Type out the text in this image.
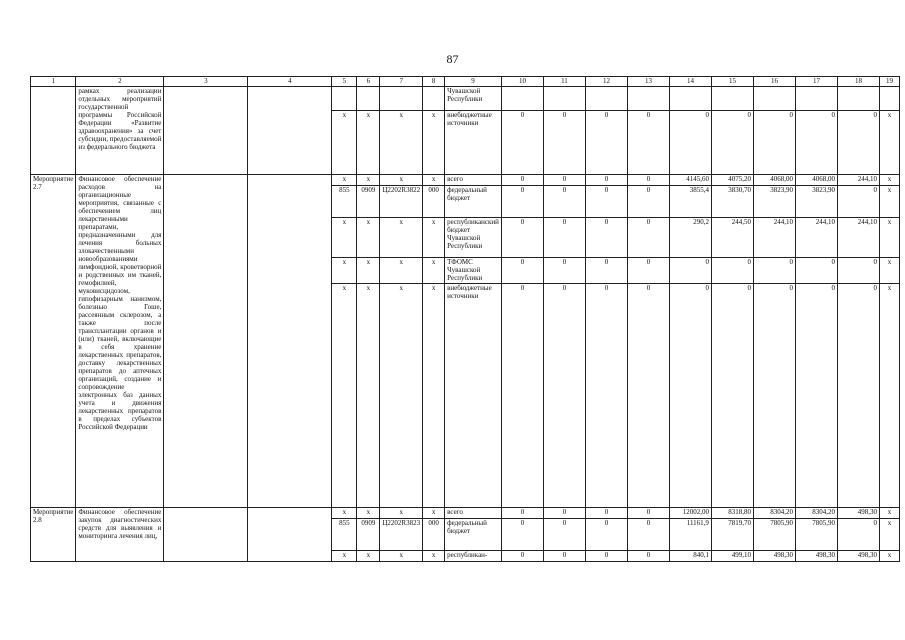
87
1	2	3	4	5	6	7	8	9	10	11	12	13	14	15	16	17	18	19
	рамках реализации отдельных мероприятий государственной программы Российской Федерации «Развитие здравоохранения» за счет субсидии, предоставляемой из федерального бюджета							Чувашской Республики										
				x	x	x	x	внебюджетные источники	0	0	0	0	0	0	0	0	0	x
Мероприятие 2.7	Финансовое обеспечение расходов на организационные мероприятия, связанные с обеспечением лиц лекарственными препаратами, предназначенными для лечения больных злокачественными новообразованиями лимфоидной, кроветворной и родственных им тканей, гемофилией, муковисцидозом, гипофизарным нанизмом, болезнью Гоше, рассеянным склерозом, а также после трансплантации органов и (или) тканей, включающие в себя хранение лекарственных препаратов, доставку лекарственных препаратов до аптечных организаций, создание и сопровождение электронных баз данных учета и движения лекарственных препаратов в пределах субъектов Российской Федерации			x	x	x	x	всего	0	0	0	0	4145,60	4075,20	4068,00	4068,00	244,10	x
				855	0909	Ц2202R3822	000	федеральный бюджет	0	0	0	0	3855,4	3830,70	3823,90	3823,90	0	x
				x	x	x	x	республиканский бюджет Чувашской Республики	0	0	0	0	290,2	244,50	244,10	244,10	244,10	x
				x	x	x	x	ТФОМС Чувашской Республики	0	0	0	0	0	0	0	0	0	x
				x	x	x	x	внебюджетные источники	0	0	0	0	0	0	0	0	0	x
Мероприятие 2.8	Финансовое обеспечение закупок диагностических средств для выявления и мониторинга лечения лиц,			x	x	x	x	всего	0	0	0	0	12002,00	8318,80	8304,20	8304,20	498,30	x
				855	0909	Ц2202R3823	000	федеральный бюджет	0	0	0	0	11161,9	7819,70	7805,90	7805,90	0	x
				x	x	x	x	республикан-	0	0	0	0	840,1	499,10	498,30	498,30	498,30	x
